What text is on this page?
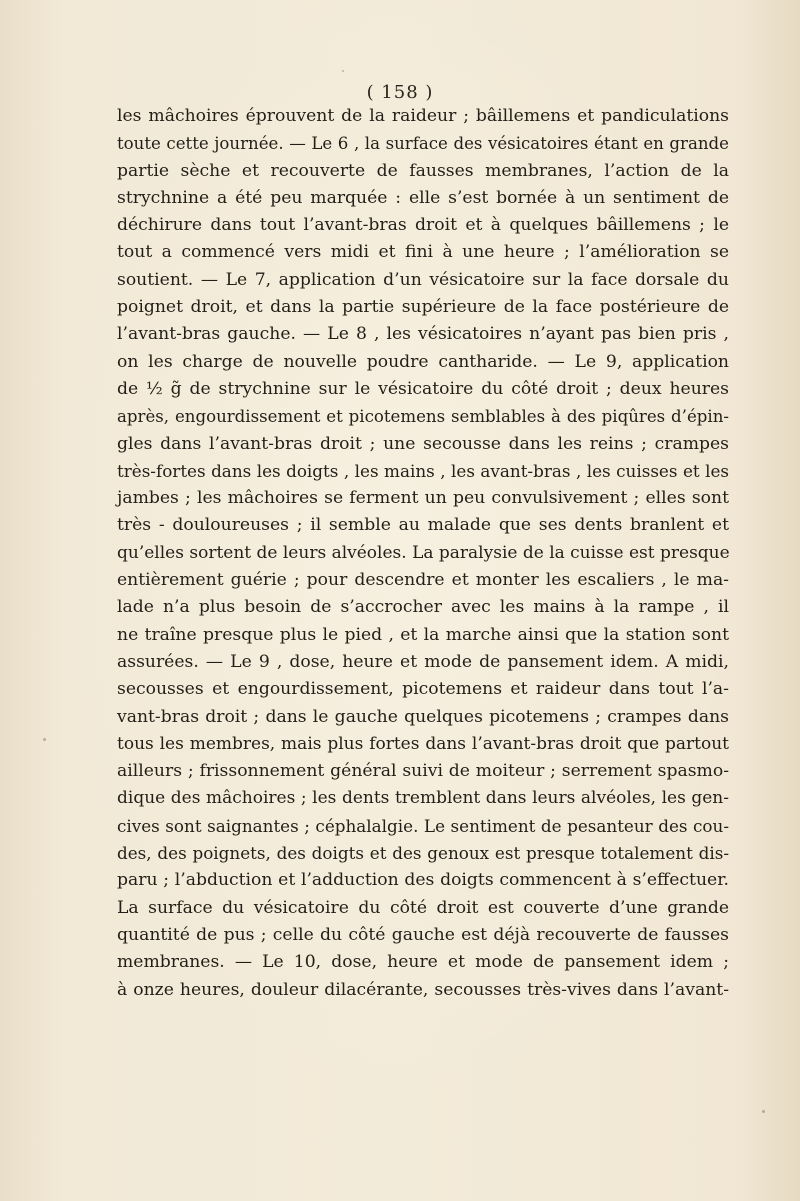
( 158 )
les mâchoires éprouvent de la raideur ; bâillemens et pandiculations
toute cette journée. — Le 6 , la surface des vésicatoires étant en grande
partie sèche et recouverte de fausses membranes, l’action de la
strychnine a été peu marquée : elle s’est bornée à un sentiment de
déchirure dans tout l’avant-bras droit et à quelques bâillemens ; le
tout a commencé vers midi et fini à une heure ; l’amélioration se
soutient. — Le 7, application d’un vésicatoire sur la face dorsale du
poignet droit, et dans la partie supérieure de la face postérieure de
l’avant-bras gauche. — Le 8 , les vésicatoires n’ayant pas bien pris ,
on les charge de nouvelle poudre cantharide. — Le 9, application
de ½ g̃ de strychnine sur le vésicatoire du côté droit ; deux heures
après, engourdissement et picotemens semblables à des piqûres d’épin-
gles dans l’avant-bras droit ; une secousse dans les reins ; crampes
très-fortes dans les doigts , les mains , les avant-bras , les cuisses et les
jambes ; les mâchoires se ferment un peu convulsivement ; elles sont
très - douloureuses ; il semble au malade que ses dents branlent et
qu’elles sortent de leurs alvéoles. La paralysie de la cuisse est presque
entièrement guérie ; pour descendre et monter les escaliers , le ma-
lade n’a plus besoin de s’accrocher avec les mains à la rampe , il
ne traîne presque plus le pied , et la marche ainsi que la station sont
assurées. — Le 9 , dose, heure et mode de pansement idem. A midi,
secousses et engourdissement, picotemens et raideur dans tout l’a-
vant-bras droit ; dans le gauche quelques picotemens ; crampes dans
tous les membres, mais plus fortes dans l’avant-bras droit que partout
ailleurs ; frissonnement général suivi de moiteur ; serrement spasmo-
dique des mâchoires ; les dents tremblent dans leurs alvéoles, les gen-
cives sont saignantes ; céphalalgie. Le sentiment de pesanteur des cou-
des, des poignets, des doigts et des genoux est presque totalement dis-
paru ; l’abduction et l’adduction des doigts commencent à s’effectuer.
La surface du vésicatoire du côté droit est couverte d’une grande
quantité de pus ; celle du côté gauche est déjà recouverte de fausses
membranes. — Le 10, dose, heure et mode de pansement idem ;
à onze heures, douleur dilacérante, secousses très-vives dans l’avant-
